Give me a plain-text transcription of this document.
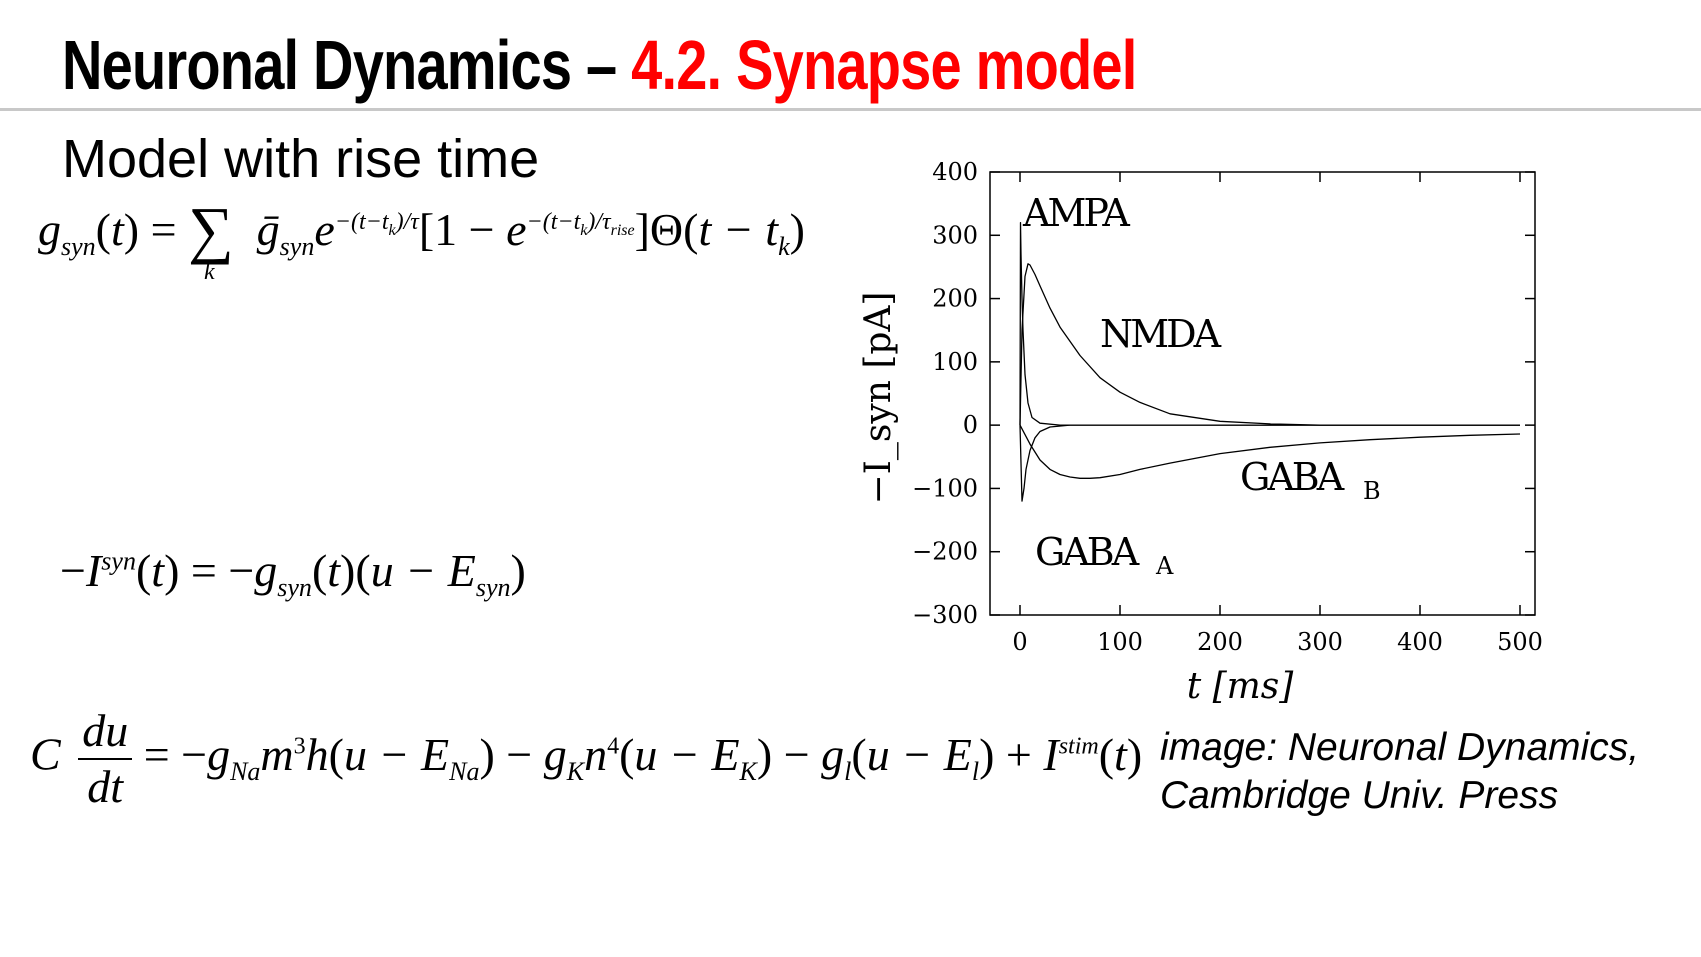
Neuronal Dynamics – 4.2. Synapse model
Model with rise time
$g_{syn}(t)$ = ∑
k
$ḡ_{syn}e^{-(t-t_k)/\tau}[1 - e^{-(t-t_k)/\tau_{rise}}]\Theta(t - t_k)$
$-I^{syn}(t) = -g_{syn}(t)(u - E_{syn})$
C $\frac{du}{dt} = -g_{Na}m^3h(u - E_{Na}) - g_Kn^4(u - E_K) - g_l(u - E_l) + I^{stim}(t)$
0	100 200 300 400 500
400
300
200
100
0
−100
−200
−300
AMPA
NMDA
GABA B
GABA A
t [ms]
−I_syn [pA]
image: Neuronal Dynamics,
Cambridge Univ. Press
